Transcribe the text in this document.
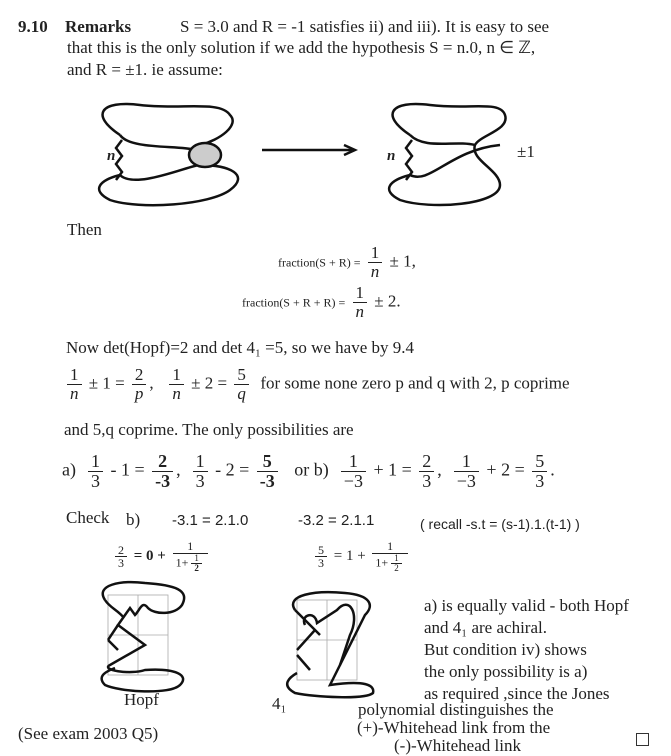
9.10 Remarks	S = 3.0 and R = -1 satisfies ii) and iii). It is easy to see
that this is the only solution if we add the hypothesis S = n.0, n ∈ ℤ,
and R = ±1. ie assume:
n	n	±1
Then
fraction(S + $R) = \frac{1}{n} \pm 1$,
fraction(S + $R + R) = \frac{1}{n} \pm 2$.
Now det(Hopf)=2 and det 4₁ =5, so we have by 9.4
$\frac{1}{n} \pm 1 = \frac{2}{p}$ , $\frac{1}{n} \pm 2 = \frac{5}{q}$ for some none zero p and q with 2, p coprime
and 5,q coprime. The only possibilities are
$a) \frac{1}{3} - 1 = \frac{2}{-3}$ , $\frac{1}{3} - 2 = \frac{5}{-3}$ or $b) \frac{1}{-3} + 1 = \frac{2}{3}$ , $\frac{1}{-3} + 2 = \frac{5}{3}$ .
Check b) -3.1 = 2.1.0	-3.2 = 2.1.1	( recall -s.t = (s-1).1.(t-1) )
$\frac{2}{3} = 0 + \frac{1}{1+ \frac{1}{2}}$	$\frac{5}{3} = 1 + \frac{1}{1+ \frac{1}{2}}$
Hopf	4₁
a) is equally valid - both Hopf
and 4₁ are achiral.
But condition iv) shows
the only possibility is a)
as required ,since the Jones
polynomial distinguishes the
(+)-Whitehead link from the
(-)-Whitehead link
(See exam 2003 Q5)
